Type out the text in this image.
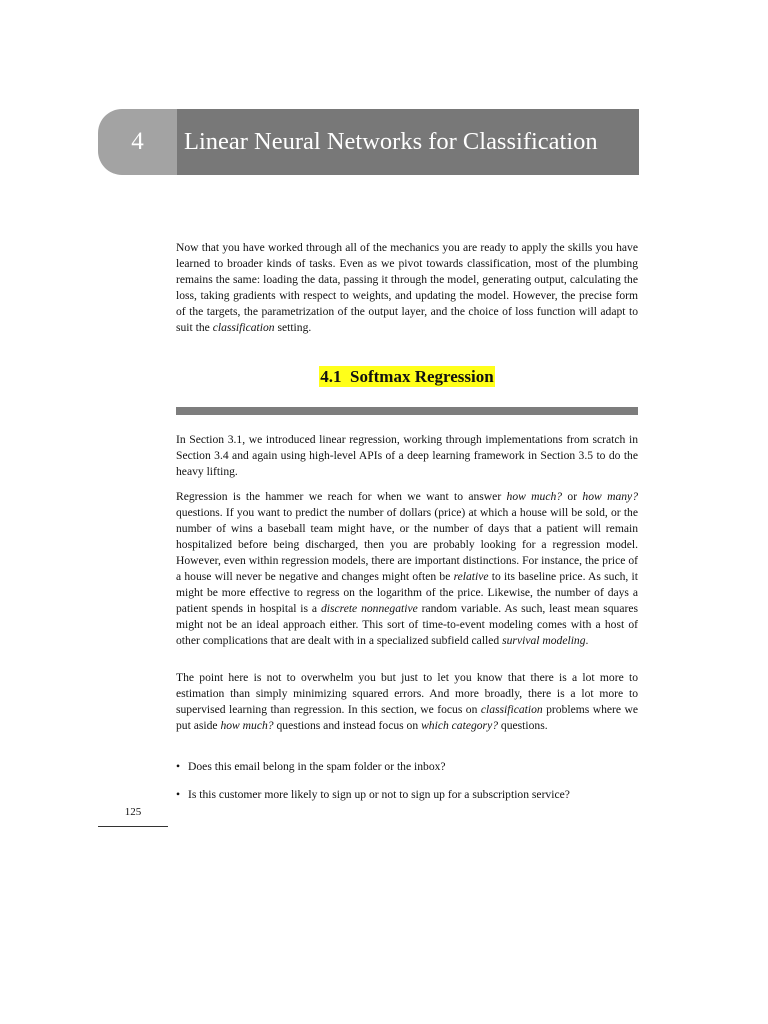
4	Linear Neural Networks for Classification

Now that you have worked through all of the mechanics you are ready to apply the skills you have learned to broader kinds of tasks. Even as we pivot towards classification, most of the plumbing remains the same: loading the data, passing it through the model, generating output, calculating the loss, taking gradients with respect to weights, and updating the model. However, the precise form of the targets, the parametrization of the output layer, and the choice of loss function will adapt to suit the classification setting.

4.1 Softmax Regression

In Section 3.1, we introduced linear regression, working through implementations from scratch in Section 3.4 and again using high-level APIs of a deep learning framework in Section 3.5 to do the heavy lifting.

Regression is the hammer we reach for when we want to answer how much? or how many? questions. If you want to predict the number of dollars (price) at which a house will be sold, or the number of wins a baseball team might have, or the number of days that a patient will remain hospitalized before being discharged, then you are probably looking for a regression model. However, even within regression models, there are important distinctions. For instance, the price of a house will never be negative and changes might often be relative to its baseline price. As such, it might be more effective to regress on the logarithm of the price. Likewise, the number of days a patient spends in hospital is a discrete nonnegative random variable. As such, least mean squares might not be an ideal approach either. This sort of time-to-event modeling comes with a host of other complications that are dealt with in a specialized subfield called survival modeling.

The point here is not to overwhelm you but just to let you know that there is a lot more to estimation than simply minimizing squared errors. And more broadly, there is a lot more to supervised learning than regression. In this section, we focus on classification problems where we put aside how much? questions and instead focus on which category? questions.

• Does this email belong in the spam folder or the inbox?
• Is this customer more likely to sign up or not to sign up for a subscription service?
125
